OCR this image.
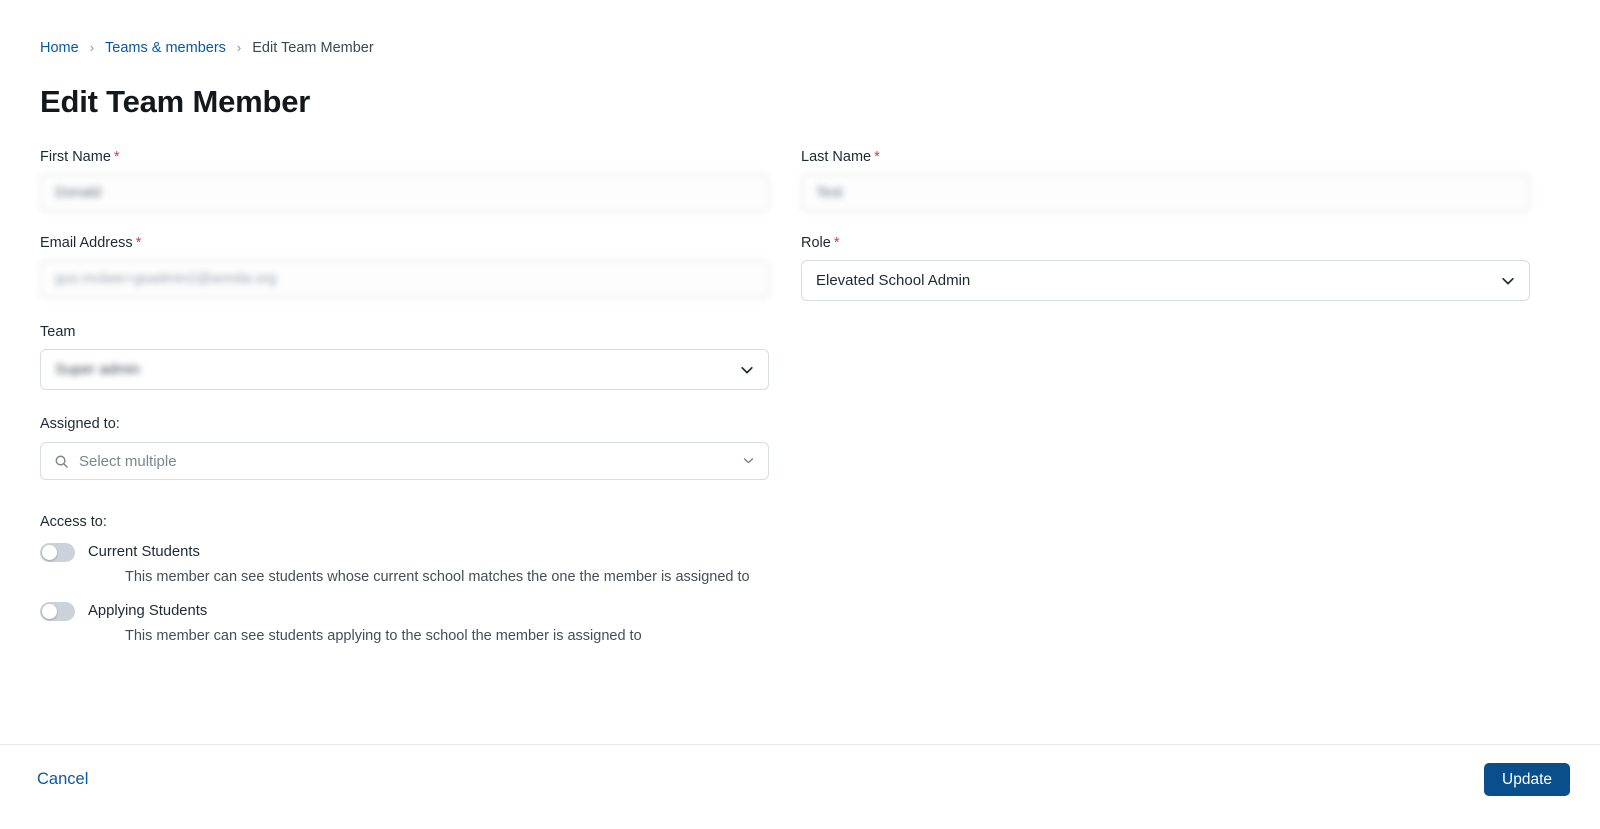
Home › Teams & members › Edit Team Member
Edit Team Member
First Name *
Donald
Last Name *
Test
Email Address *
gus.mckee+gsadmin2@annda.org
Role *
Elevated School Admin
Team
Super admin
Assigned to:
Select multiple
Access to:
Current Students
This member can see students whose current school matches the one the member is assigned to
Applying Students
This member can see students applying to the school the member is assigned to
Cancel	Update
